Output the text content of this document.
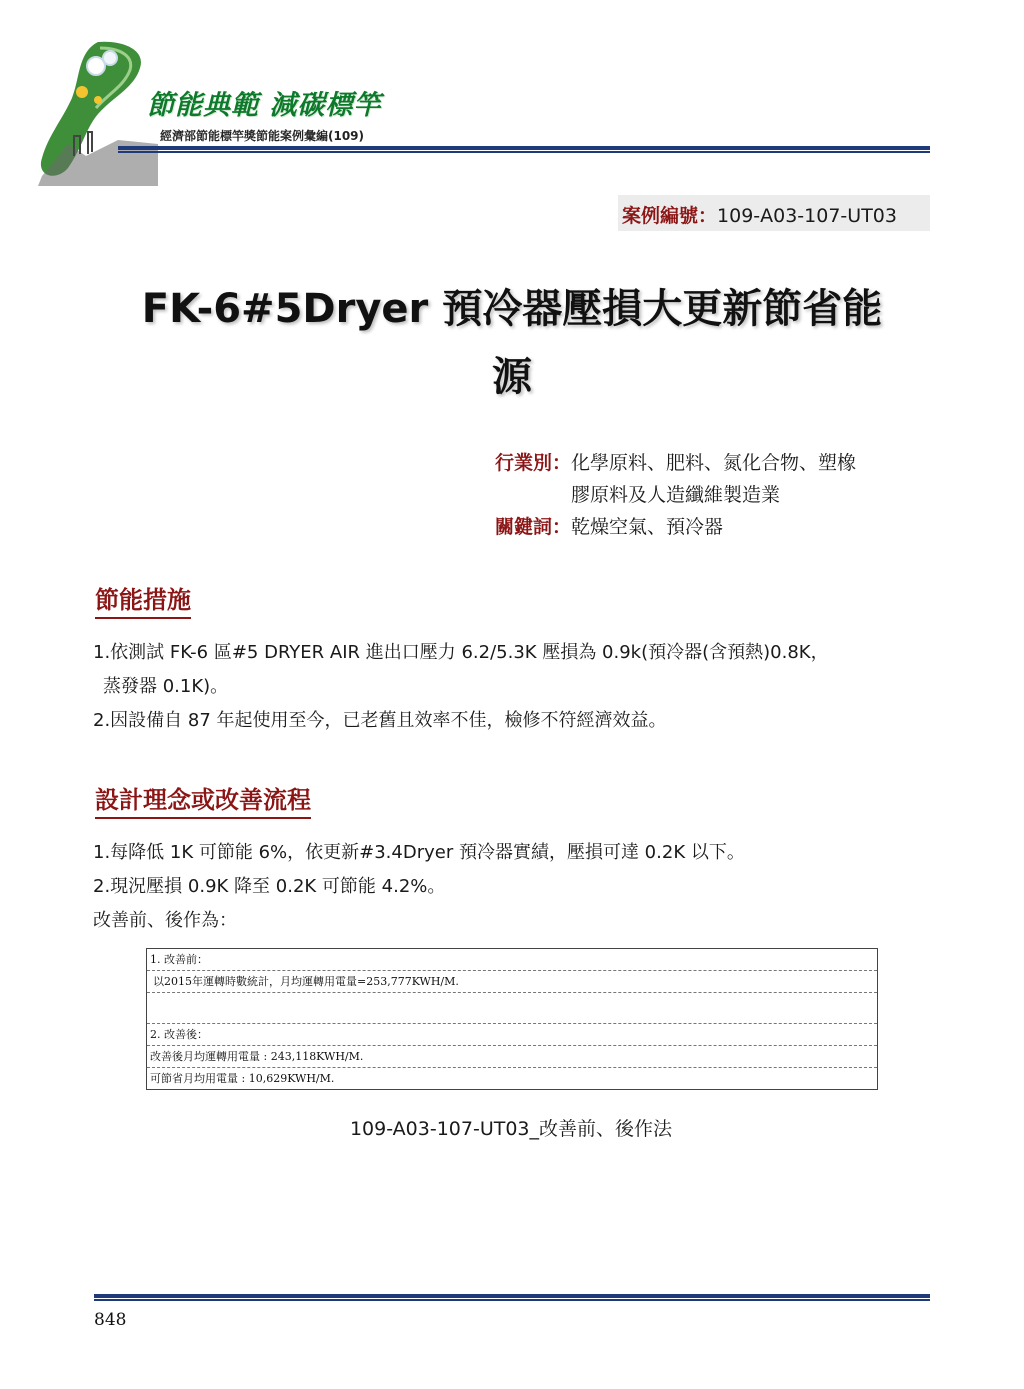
節能典範 減碳標竿
經濟部節能標竿獎節能案例彙編(109)
案例編號：109-A03-107-UT03
FK-6#5Dryer 預冷器壓損大更新節省能
源
行業別： 化學原料、肥料、氮化合物、塑橡
膠原料及人造纖維製造業
關鍵詞： 乾燥空氣、預冷器
節能措施

1.依測試 FK-6 區#5 DRYER AIR 進出口壓力 6.2/5.3K 壓損為 0.9k(預冷器(含預熱)0.8K，

蒸發器 0.1K)。

2.因設備自 87 年起使用至今，已老舊且效率不佳，檢修不符經濟效益。

設計理念或改善流程

1.每降低 1K 可節能 6%，依更新#3.4Dryer 預冷器實績，壓損可達 0.2K 以下。

2.現況壓損 0.9K 降至 0.2K 可節能 4.2%。

改善前、後作為：

1. 改善前：
以2015年運轉時數統計，月均運轉用電量=253,777KWH/M.
2. 改善後：
改善後月均運轉用電量 : 243,118KWH/M.
可節省月均用電量 : 10,629KWH/M.
109-A03-107-UT03_改善前、後作法
848
